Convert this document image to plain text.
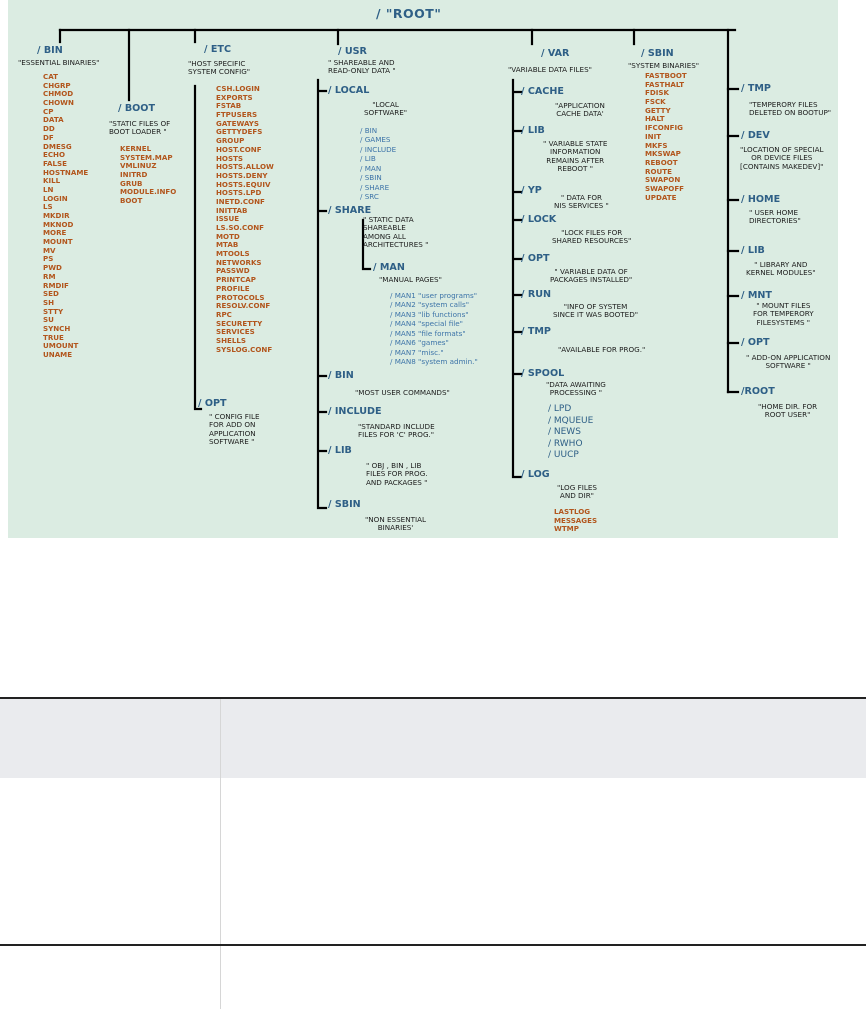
/ "ROOT"
/ BIN
"ESSENTIAL BINARIES"
CAT
CHGRP
CHMOD
CHOWN
CP
DATA
DD
DF
DMESG
ECHO
FALSE
HOSTNAME
KILL
LN
LOGIN
LS
MKDIR
MKNOD
MORE
MOUNT
MV
PS
PWD
RM
RMDIF
SED
SH
STTY
SU
SYNCH
TRUE
UMOUNT
UNAME
/ BOOT
"STATIC FILES OF
BOOT LOADER "
KERNEL
SYSTEM.MAP
VMLINUZ
INITRD
GRUB
MODULE.INFO
BOOT
/ ETC
"HOST SPECIFIC
SYSTEM CONFIG"
CSH.LOGIN
EXPORTS
FSTAB
FTPUSERS
GATEWAYS
GETTYDEFS
GROUP
HOST.CONF
HOSTS
HOSTS.ALLOW
HOSTS.DENY
HOSTS.EQUIV
HOSTS.LPD
INETD.CONF
INITTAB
ISSUE
LS.SO.CONF
MOTD
MTAB
MTOOLS
NETWORKS
PASSWD
PRINTCAP
PROFILE
PROTOCOLS
RESOLV.CONF
RPC
SECURETTY
SERVICES
SHELLS
SYSLOG.CONF
/ OPT
" CONFIG FILE
FOR ADD ON
APPLICATION
SOFTWARE "
/ USR
" SHAREABLE AND
READ-ONLY DATA "
/ LOCAL
"LOCAL
SOFTWARE"
/ BIN
/ GAMES
/ INCLUDE
/ LIB
/ MAN
/ SBIN
/ SHARE
/ SRC
/ SHARE
" STATIC DATA
SHAREABLE
AMONG ALL
ARCHITECTURES "
/ MAN
"MANUAL PAGES"
/ MAN1 "user programs"
/ MAN2 "system calls"
/ MAN3 "lib functions"
/ MAN4 "special file"
/ MAN5 "file formats"
/ MAN6 "games"
/ MAN7 "misc."
/ MAN8 "system admin."
/ BIN
"MOST USER COMMANDS"
/ INCLUDE
"STANDARD INCLUDE
FILES FOR 'C' PROG."
/ LIB
" OBJ , BIN , LIB
FILES FOR PROG.
AND PACKAGES "
/ SBIN
"NON ESSENTIAL
BINARIES'
/ VAR
"VARIABLE DATA FILES"
/ CACHE
"APPLICATION
CACHE DATA'
/ LIB
" VARIABLE STATE
INFORMATION
REMAINS AFTER
REBOOT "
/ YP
" DATA FOR
NIS SERVICES "
/ LOCK
"LOCK FILES FOR
SHARED RESOURCES"
/ OPT
" VARIABLE DATA OF
PACKAGES INSTALLED"
/ RUN
"INFO OF SYSTEM
SINCE IT WAS BOOTED"
/ TMP
"AVAILABLE FOR PROG."
/ SPOOL
"DATA AWAITING
PROCESSING "
/ LPD
/ MQUEUE
/ NEWS
/ RWHO
/ UUCP
/ LOG
"LOG FILES
AND DIR"
LASTLOG
MESSAGES
WTMP
/ SBIN
"SYSTEM BINARIES"
FASTBOOT
FASTHALT
FDISK
FSCK
GETTY
HALT
IFCONFIG
INIT
MKFS
MKSWAP
REBOOT
ROUTE
SWAPON
SWAPOFF
UPDATE
/ TMP
"TEMPERORY FILES
DELETED ON BOOTUP"
/ DEV
"LOCATION OF SPECIAL
OR DEVICE FILES
[CONTAINS MAKEDEV]"
/ HOME
" USER HOME
DIRECTORIES"
/ LIB
" LIBRARY AND
KERNEL MODULES"
/ MNT
" MOUNT FILES
FOR TEMPERORY
FILESYSTEMS "
/ OPT
" ADD-ON APPLICATION
SOFTWARE "
/ROOT
"HOME DIR. FOR
ROOT USER"
